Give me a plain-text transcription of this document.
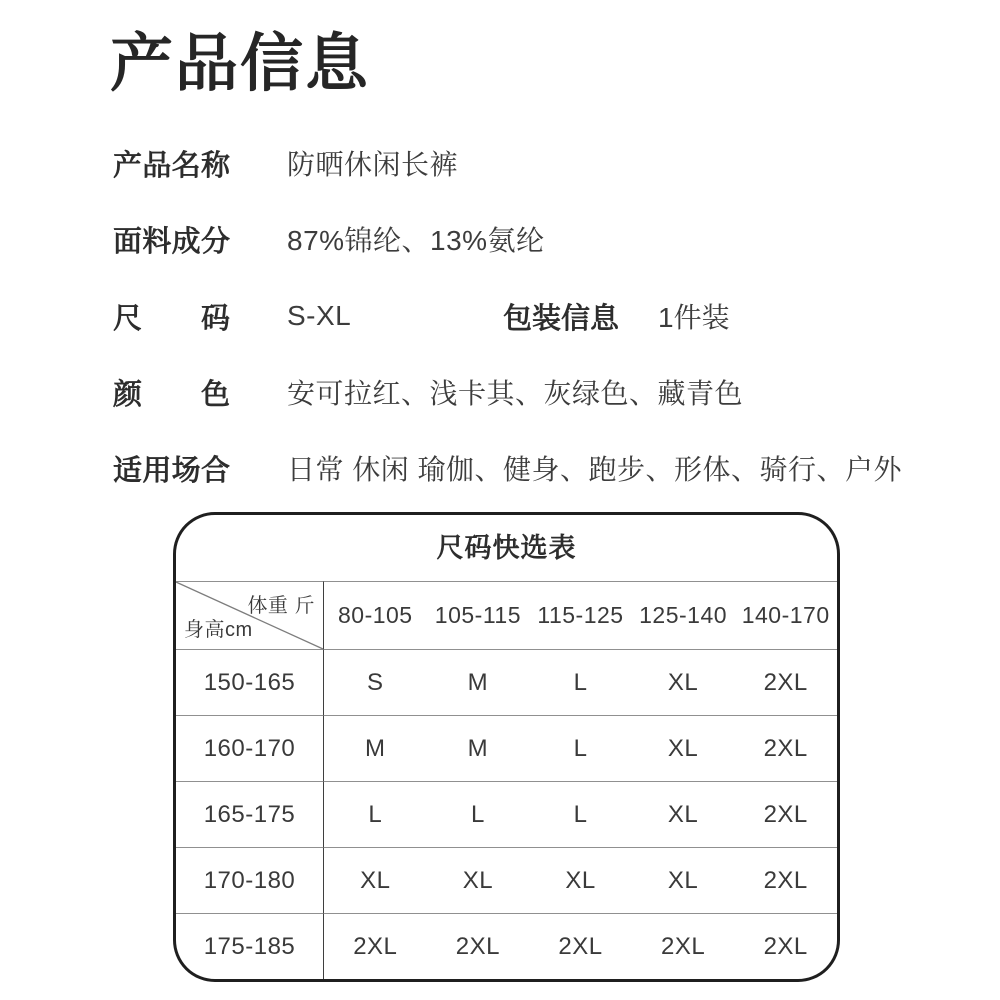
产品信息
产品名称 防晒休闲长裤
面料成分 87%锦纶、13%氨纶
尺码 S-XL	包装信息 1件装
颜色 安可拉红、浅卡其、灰绿色、藏青色
适用场合 日常 休闲 瑜伽、健身、跑步、形体、骑行、户外
尺码快选表
体重 斤
身高cm
80-105 105-115 115-125 125-140 140-170
150-165	S	M	L	XL	2XL
160-170	M	M	L	XL	2XL
165-175	L	L	L	XL	2XL
170-180	XL	XL	XL	XL	2XL
175-185	2XL	2XL	2XL	2XL	2XL
